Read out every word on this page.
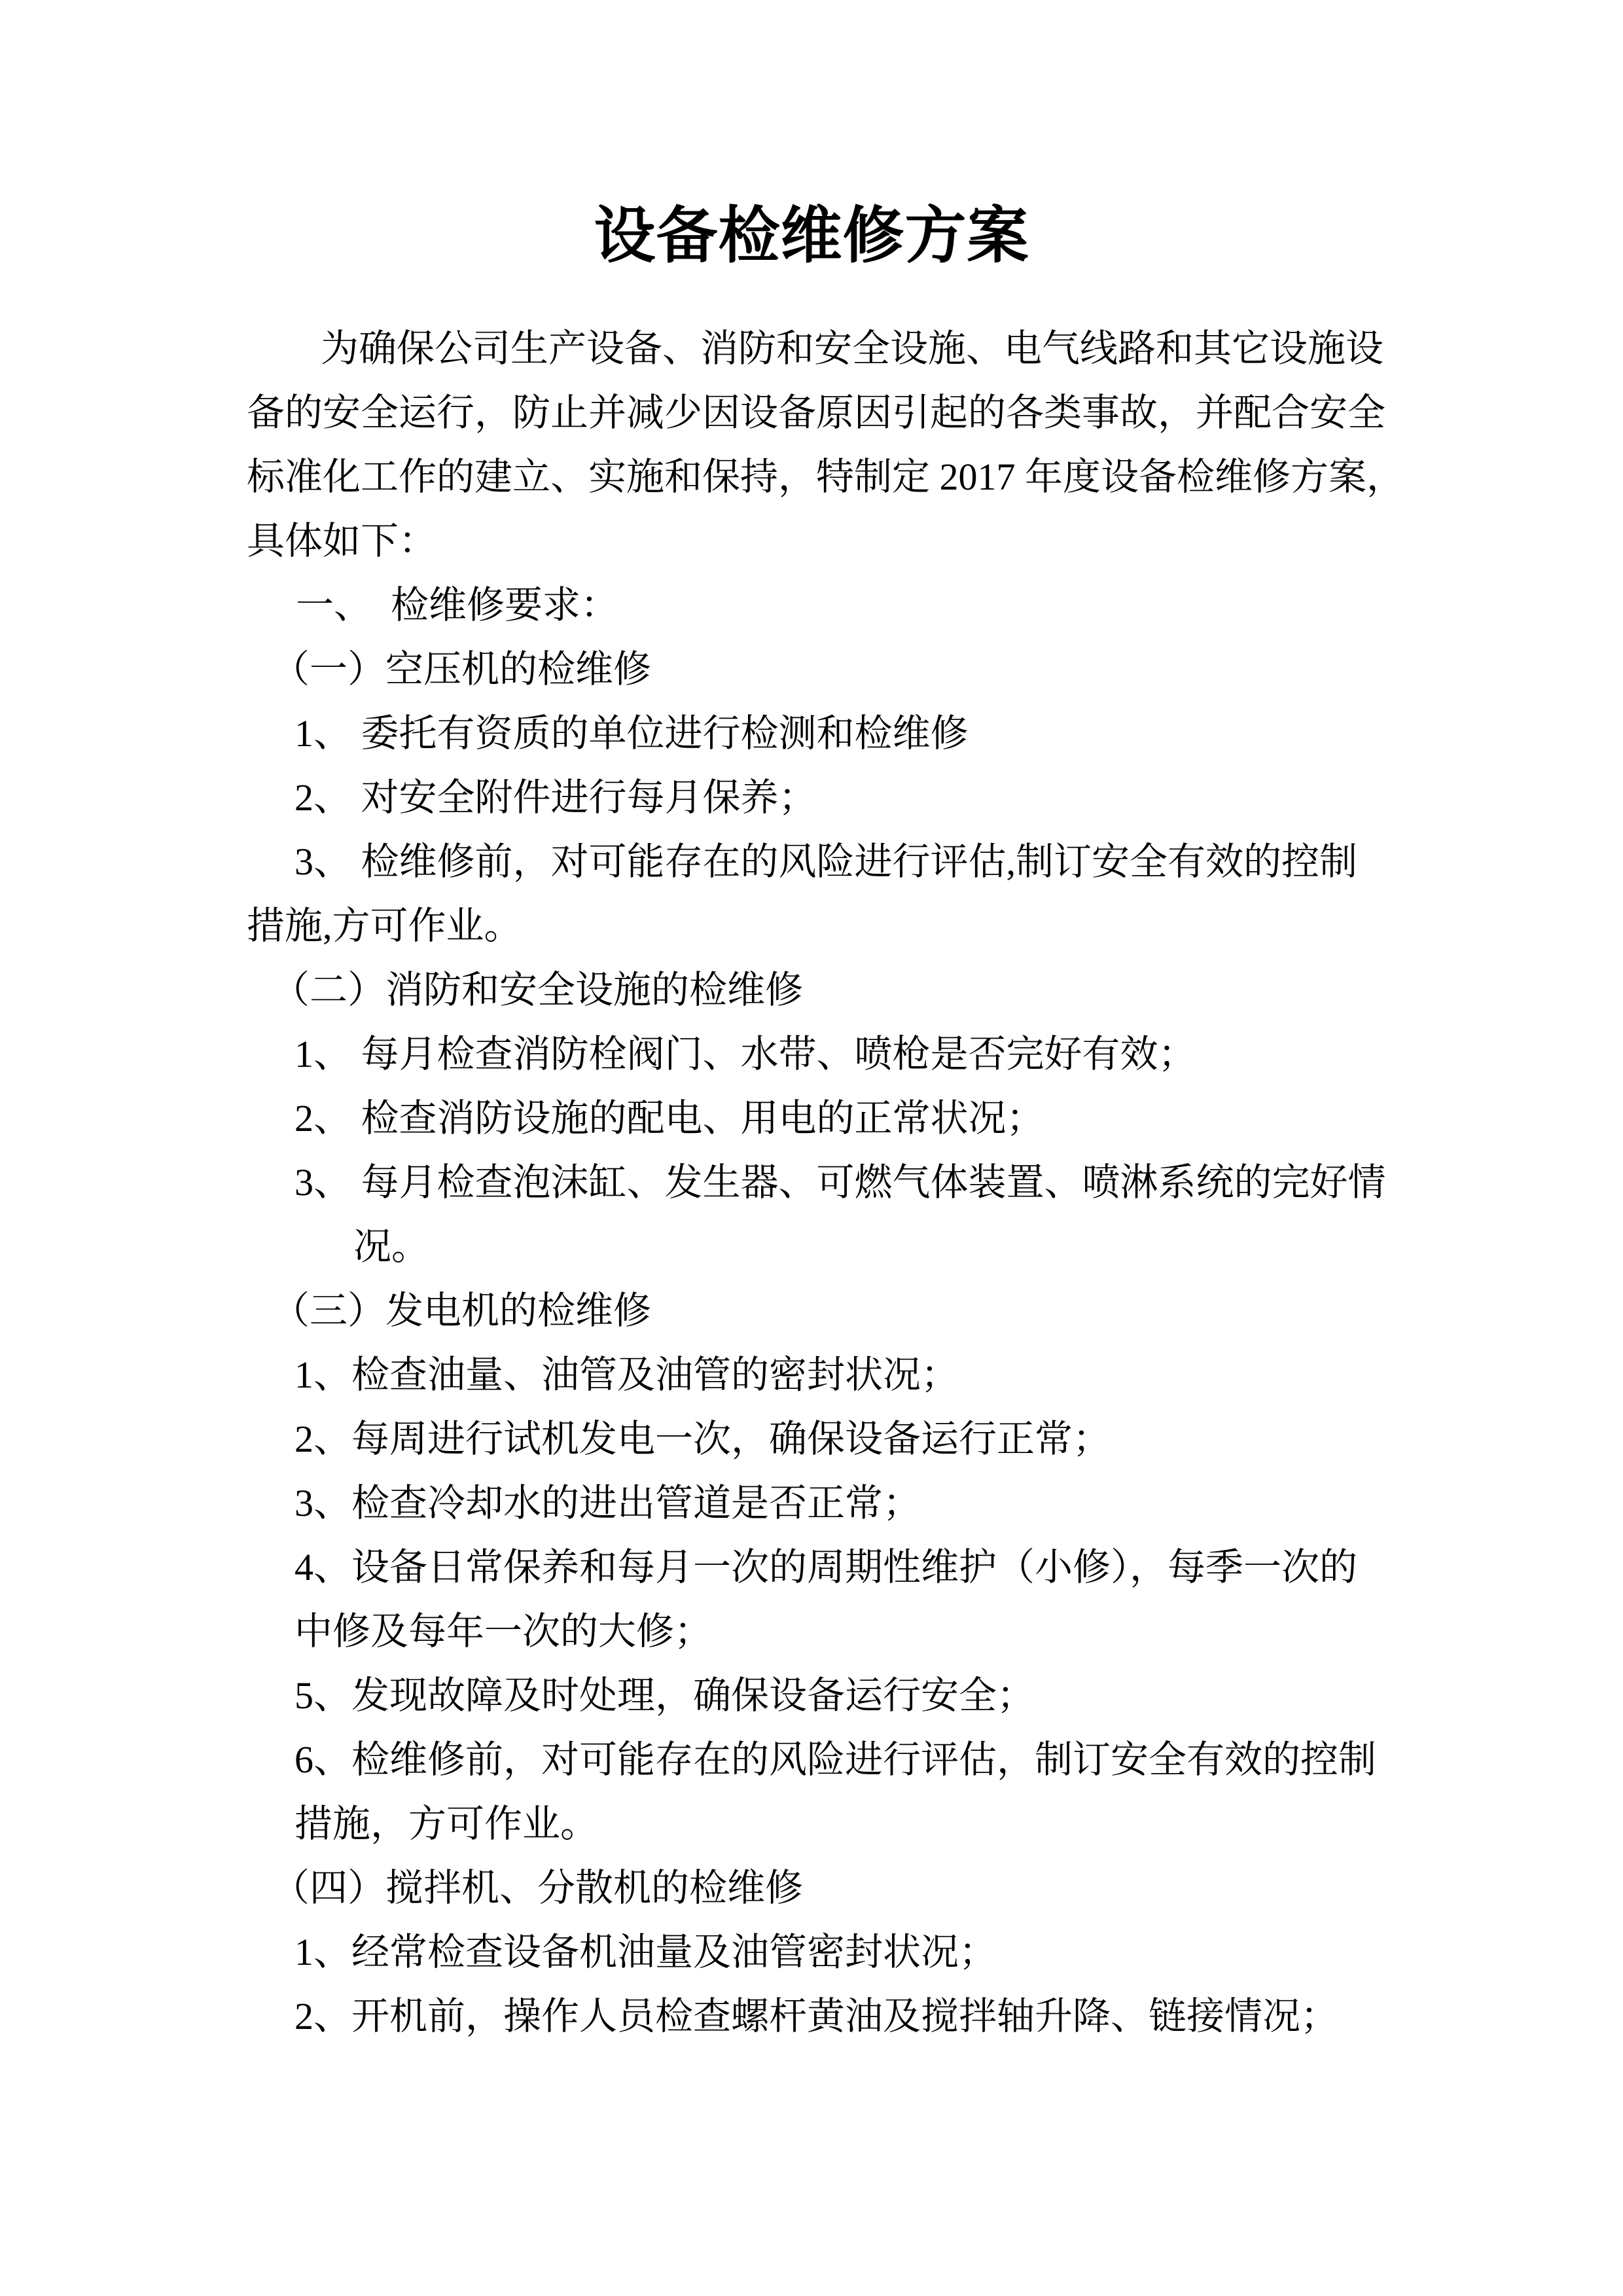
设备检维修方案
为确保公司生产设备、消防和安全设施、电气线路和其它设施设
备的安全运行，防止并减少因设备原因引起的各类事故，并配合安全
标准化工作的建立、实施和保持，特制定 2017 年度设备检维修方案，
具体如下：
一、  检维修要求：
（一）空压机的检维修
1、 委托有资质的单位进行检测和检维修
2、 对安全附件进行每月保养；
3、 检维修前，对可能存在的风险进行评估,制订安全有效的控制
措施,方可作业。
（二）消防和安全设施的检维修
1、 每月检查消防栓阀门、水带、喷枪是否完好有效；
2、 检查消防设施的配电、用电的正常状况；
3、 每月检查泡沫缸、发生器、可燃气体装置、喷淋系统的完好情
况。
（三）发电机的检维修
1、检查油量、油管及油管的密封状况；
2、每周进行试机发电一次，确保设备运行正常；
3、检查冷却水的进出管道是否正常；
4、设备日常保养和每月一次的周期性维护（小修），每季一次的
中修及每年一次的大修；
5、发现故障及时处理，确保设备运行安全；
6、检维修前，对可能存在的风险进行评估，制订安全有效的控制
措施，方可作业。
（四）搅拌机、分散机的检维修
1、经常检查设备机油量及油管密封状况；
2、开机前，操作人员检查螺杆黄油及搅拌轴升降、链接情况；
